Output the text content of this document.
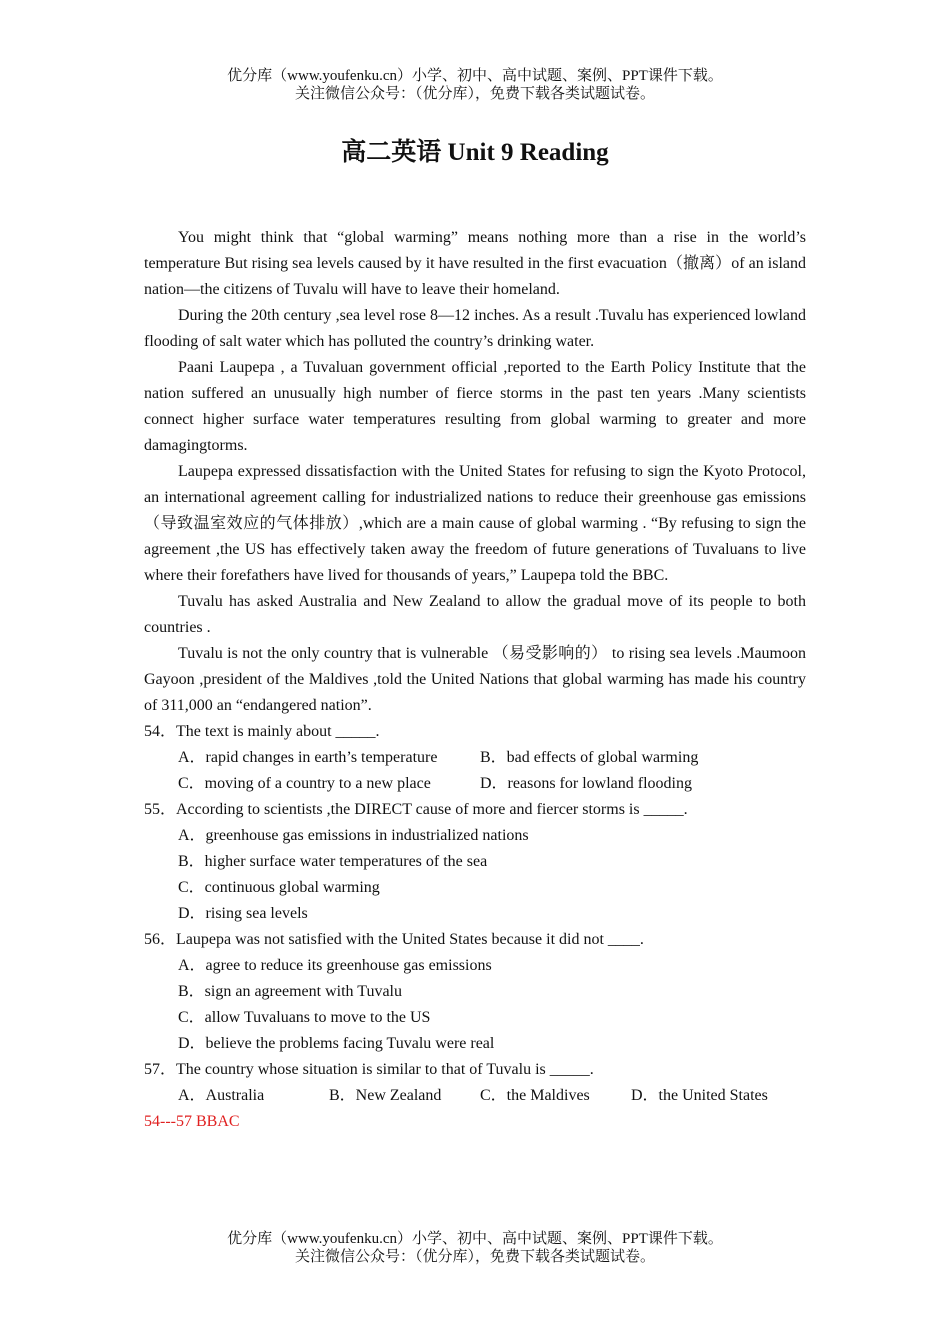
优分库（www.youfenku.cn）小学、初中、高中试题、案例、PPT课件下载。
关注微信公众号：（优分库），免费下载各类试题试卷。
高二英语 Unit 9 Reading

You might think that “global warming” means nothing more than a rise in the world’s temperature But rising sea levels caused by it have resulted in the first evacuation（撤离）of an island nation—the citizens of Tuvalu will have to leave their homeland.

During the 20th century ,sea level rose 8—12 inches. As a result .Tuvalu has experienced lowland flooding of salt water which has polluted the country’s drinking water.

Paani Laupepa , a Tuvaluan government official ,reported to the Earth Policy Institute that the nation suffered an unusually high number of fierce storms in the past ten years .Many scientists connect higher surface water temperatures resulting from global warming to greater and more damagingtorms.

Laupepa expressed dissatisfaction with the United States for refusing to sign the Kyoto Protocol, an international agreement calling for industrialized nations to reduce their greenhouse gas emissions（导致温室效应的气体排放）,which are a main cause of global warming . “By refusing to sign the agreement ,the US has effectively taken away the freedom of future generations of Tuvaluans to live where their forefathers have lived for thousands of years,” Laupepa told the BBC.

Tuvalu has asked Australia and New Zealand to allow the gradual move of its people to both countries .

Tuvalu is not the only country that is vulnerable （易受影响的） to rising sea levels .Maumoon Gayoon ,president of the Maldives ,told the United Nations that global warming has made his country of 311,000 an “endangered nation”.

54．The text is mainly about _____.

A．rapid changes in earth’s temperature	B．bad effects of global warming

C．moving of a country to a new place	D．reasons for lowland flooding

55．According to scientists ,the DIRECT cause of more and fiercer storms is _____.

A．greenhouse gas emissions in industrialized nations

B．higher surface water temperatures of the sea

C．continuous global warming

D．rising sea levels

56．Laupepa was not satisfied with the United States because it did not ____.

A．agree to reduce its greenhouse gas emissions

B．sign an agreement with Tuvalu

C．allow Tuvaluans to move to the US

D．believe the problems facing Tuvalu were real

57．The country whose situation is similar to that of Tuvalu is _____.

A．Australia	B．New Zealand C．the Maldives	D．the United States

54---57 BBAC

优分库（www.youfenku.cn）小学、初中、高中试题、案例、PPT课件下载。
关注微信公众号：（优分库），免费下载各类试题试卷。
